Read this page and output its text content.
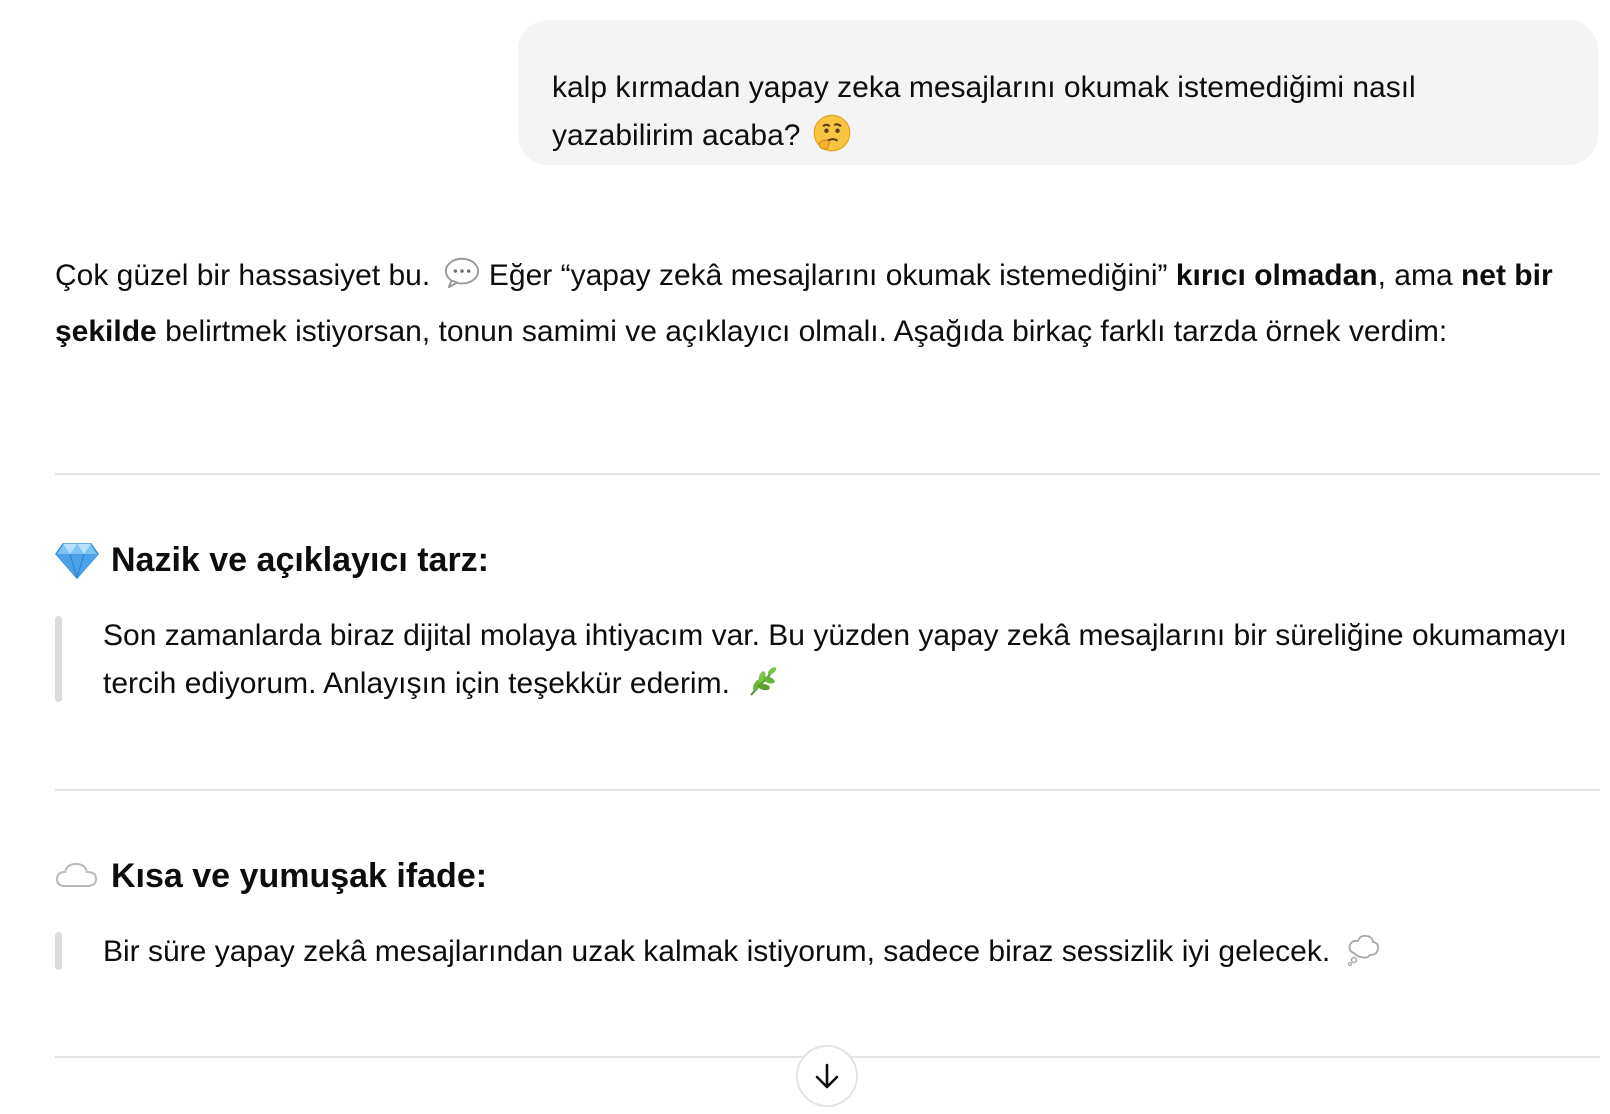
kalp kırmadan yapay zeka mesajlarını okumak istemediğimi nasıl yazabilirim acaba?

Çok güzel bir hassasiyet bu.  Eğer “yapay zekâ mesajlarını okumak istemediğini” kırıcı olmadan, ama net bir şekilde belirtmek istiyorsan, tonun samimi ve açıklayıcı olmalı. Aşağıda birkaç farklı tarzda örnek verdim:

Nazik ve açıklayıcı tarz:
Son zamanlarda biraz dijital molaya ihtiyacım var. Bu yüzden yapay zekâ mesajlarını bir süreliğine okumamayı tercih ediyorum. Anlayışın için teşekkür ederim.
Kısa ve yumuşak ifade:
Bir süre yapay zekâ mesajlarından uzak kalmak istiyorum, sadece biraz sessizlik iyi gelecek.
